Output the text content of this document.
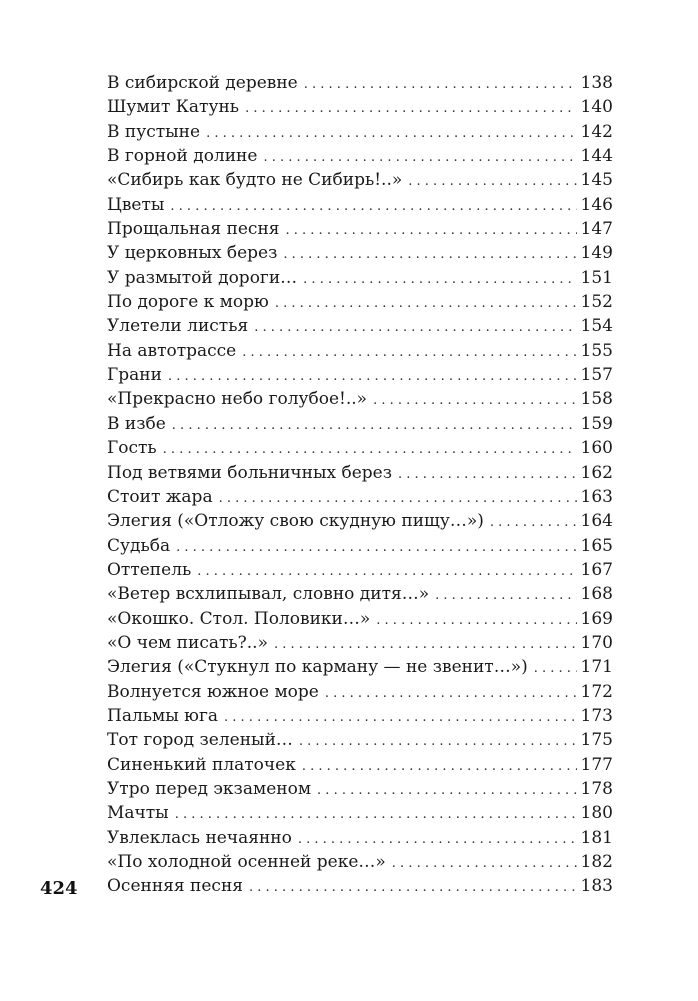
В сибирской деревне . . .	138
Шумит Катунь . . .	140
В пустыне . . .	142
В горной долине . . .	144
«Сибирь как будто не Сибирь!..» . . .	145
Цветы . . .	146
Прощальная песня . . .	147
У церковных берез . . .	149
У размытой дороги… . . .	151
По дороге к морю . . .	152
Улетели листья . . .	154
На автотрассе . . .	155
Грани . . .	157
«Прекрасно небо голубое!..» . . .	158
В избе . . .	159
Гость . . .	160
Под ветвями больничных берез . . .	162
Стоит жара . . .	163
Элегия («Отложу свою скудную пищу…») . . .	164
Судьба . . .	165
Оттепель . . .	167
«Ветер всхлипывал, словно дитя…» . . .	168
«Окошко. Стол. Половики…» . . .	169
«О чем писать?..» . . .	170
Элегия («Стукнул по карману — не звенит…») . . .	171
Волнуется южное море . . .	172
Пальмы юга . . .	173
Тот город зеленый… . . .	175
Синенький платочек . . .	177
Утро перед экзаменом . . .	178
Мачты . . .	180
Увлеклась нечаянно . . .	181
«По холодной осенней реке…» . . .	182
Осенняя песня . . .	183
424
